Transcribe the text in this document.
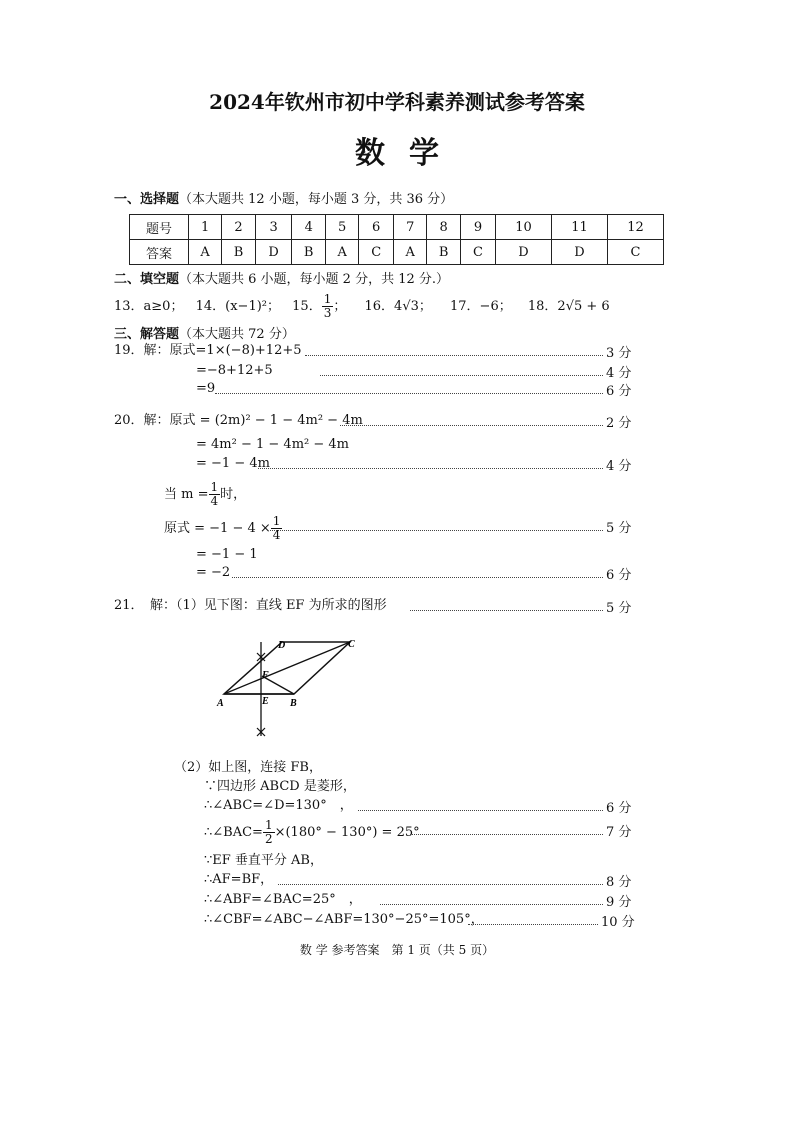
2024年钦州市初中学科素养测试参考答案
数学
一、选择题（本大题共 12 小题，每小题 3 分，共 36 分）
题号	1	2	3	4	5	6	7	8	9	10	11	12
答案	A	B	D	B	A	C	A	B	C	D	D	C
二、填空题（本大题共 6 小题，每小题 2 分，共 12 分.）
13．a≥0； 14．(x−1)²； 15． $\frac{1}{3}$ ； 16．4√3； 17．−6； 18．2√5 + 6
三、解答题（本大题共 72 分）
19．解：原式=1×(−8)+12+5	3 分
=−8+12+5	4 分
=9	6 分
20．解：原式 = (2m)² − 1 − 4m² − 4m	2 分
= 4m² − 1 − 4m² − 4m
= −1 − 4m	4 分
当 $m = \frac{1}{4}$ 时，
原式 = $-1 - 4 \times \frac{1}{4}$	5 分
= −1 − 1
= −2	6 分
21．　解：（1）见下图：直线 EF 为所求的图形	5 分
D	C
F
A	E B
（2）如上图，连接 FB，
∵四边形 ABCD 是菱形，
∴∠ABC=∠D=130°　，	6 分
∴∠BAC= $\frac{1}{2} \times(180^\circ - 130^\circ) = 25^\circ$	7 分
∵EF 垂直平分 AB，
∴AF=BF，	8 分
∴∠ABF=∠BAC=25°　，	9 分
∴∠CBF=∠ABC−∠ABF=130°−25°=105°，	10 分
数 学 参考答案　第 1 页（共 5 页）
